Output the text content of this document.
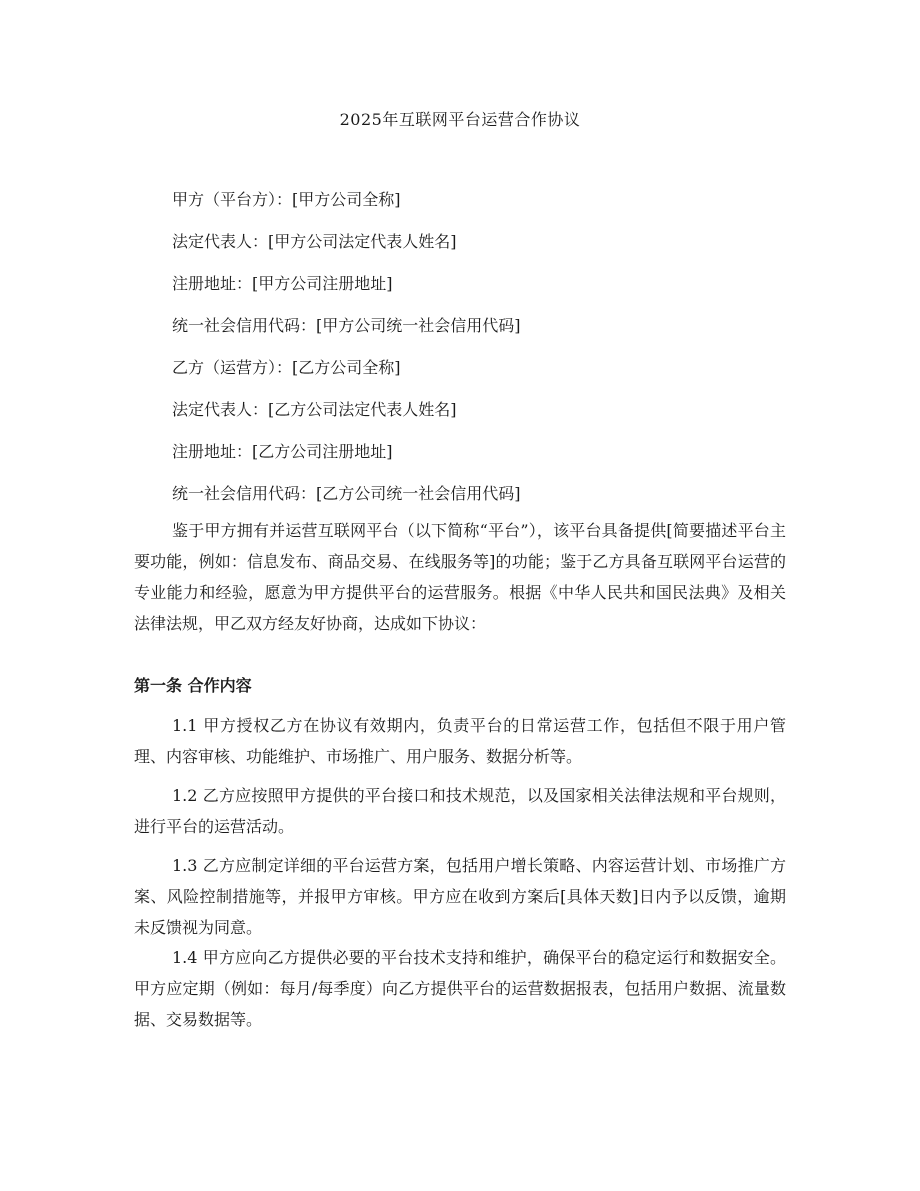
2025年互联网平台运营合作协议
甲方（平台方）：[甲方公司全称]
法定代表人：[甲方公司法定代表人姓名]
注册地址：[甲方公司注册地址]
统一社会信用代码：[甲方公司统一社会信用代码]
乙方（运营方）：[乙方公司全称]
法定代表人：[乙方公司法定代表人姓名]
注册地址：[乙方公司注册地址]
统一社会信用代码：[乙方公司统一社会信用代码]

鉴于甲方拥有并运营互联网平台（以下简称“平台”），该平台具备提供[简要描述平台主要功能，例如：信息发布、商品交易、在线服务等]的功能；鉴于乙方具备互联网平台运营的专业能力和经验，愿意为甲方提供平台的运营服务。根据《中华人民共和国民法典》及相关法律法规，甲乙双方经友好协商，达成如下协议：

第一条 合作内容

1.1 甲方授权乙方在协议有效期内，负责平台的日常运营工作，包括但不限于用户管理、内容审核、功能维护、市场推广、用户服务、数据分析等。

1.2 乙方应按照甲方提供的平台接口和技术规范，以及国家相关法律法规和平台规则，进行平台的运营活动。

1.3 乙方应制定详细的平台运营方案，包括用户增长策略、内容运营计划、市场推广方案、风险控制措施等，并报甲方审核。甲方应在收到方案后[具体天数]日内予以反馈，逾期未反馈视为同意。

1.4 甲方应向乙方提供必要的平台技术支持和维护，确保平台的稳定运行和数据安全。甲方应定期（例如：每月/每季度）向乙方提供平台的运营数据报表，包括用户数据、流量数据、交易数据等。
